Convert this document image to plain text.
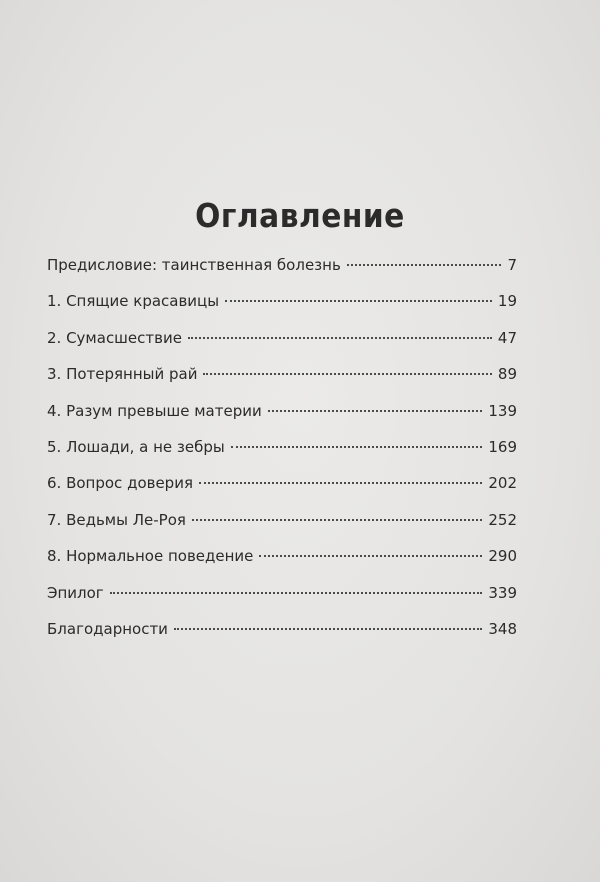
Оглавление
Предисловие: таинственная болезнь	7
1. Спящие красавицы	19
2. Сумасшествие	47
3. Потерянный рай	89
4. Разум превыше материи	139
5. Лошади, а не зебры	169
6. Вопрос доверия	202
7. Ведьмы Ле-Роя	252
8. Нормальное поведение	290
Эпилог	339
Благодарности	348
